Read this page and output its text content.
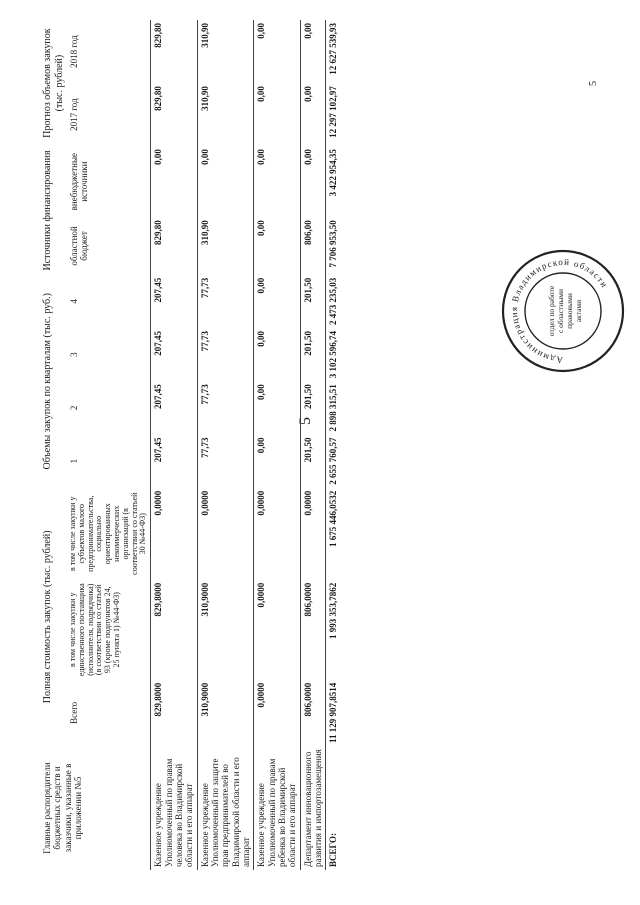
5
5
Главные распорядители бюджетных средств и заказчики, указанные в приложении №5	Полная стоимость закупок (тыс. рублей)			Объемы закупок по кварталам (тыс. руб.)				Источники финансирования		Прогноз объемов закупок (тыс. рублей)	
	Всего	в том числе закупки у единственного поставщика (исполнителя, подрядчика) (в соответствии со статьей 93 (кроме подпунктов 24, 25 пункта 1) №44-ФЗ)	в том числе закупки у субъектов малого предпринимательства, социально ориентированных некоммерческих организаций (в соответствии со статьей 30 №44-ФЗ)	1	2	3	4	областной бюджет	внебюджетные источники	2017 год	2018 год

Казенное учреждение Уполномоченный по правам человека во Владимирской области и его аппарат	829,8000	829,8000	0,0000	207,45	207,45	207,45	207,45	829,80	0,00	829,80	829,80
Казенное учреждение Уполномоченный по защите прав предпринимателей во Владимирской области и его аппарат	310,9000	310,9000	0,0000	77,73	77,73	77,73	77,73	310,90	0,00	310,90	310,90
Казенное учреждение Уполномоченный по правам ребенка во Владимирской области и его аппарат	0,0000	0,0000	0,0000	0,00	0,00	0,00	0,00	0,00	0,00	0,00	0,00
Департамент инновационного развития и импортозамещения	806,0000	806,0000	0,0000	201,50	201,50	201,50	201,50	806,00	0,00	0,00	0,00
ВСЕГО:	11 129 907,8514	1 993 353,7862	1 675 446,0532	2 655 760,57	2 898 315,51	3 102 596,74	2 473 235,03	7 706 953,50	3 422 954,35	12 297 102,97	12 627 539,93
Администрация Владимирской области
отдел по работе с областными правовыми актами
